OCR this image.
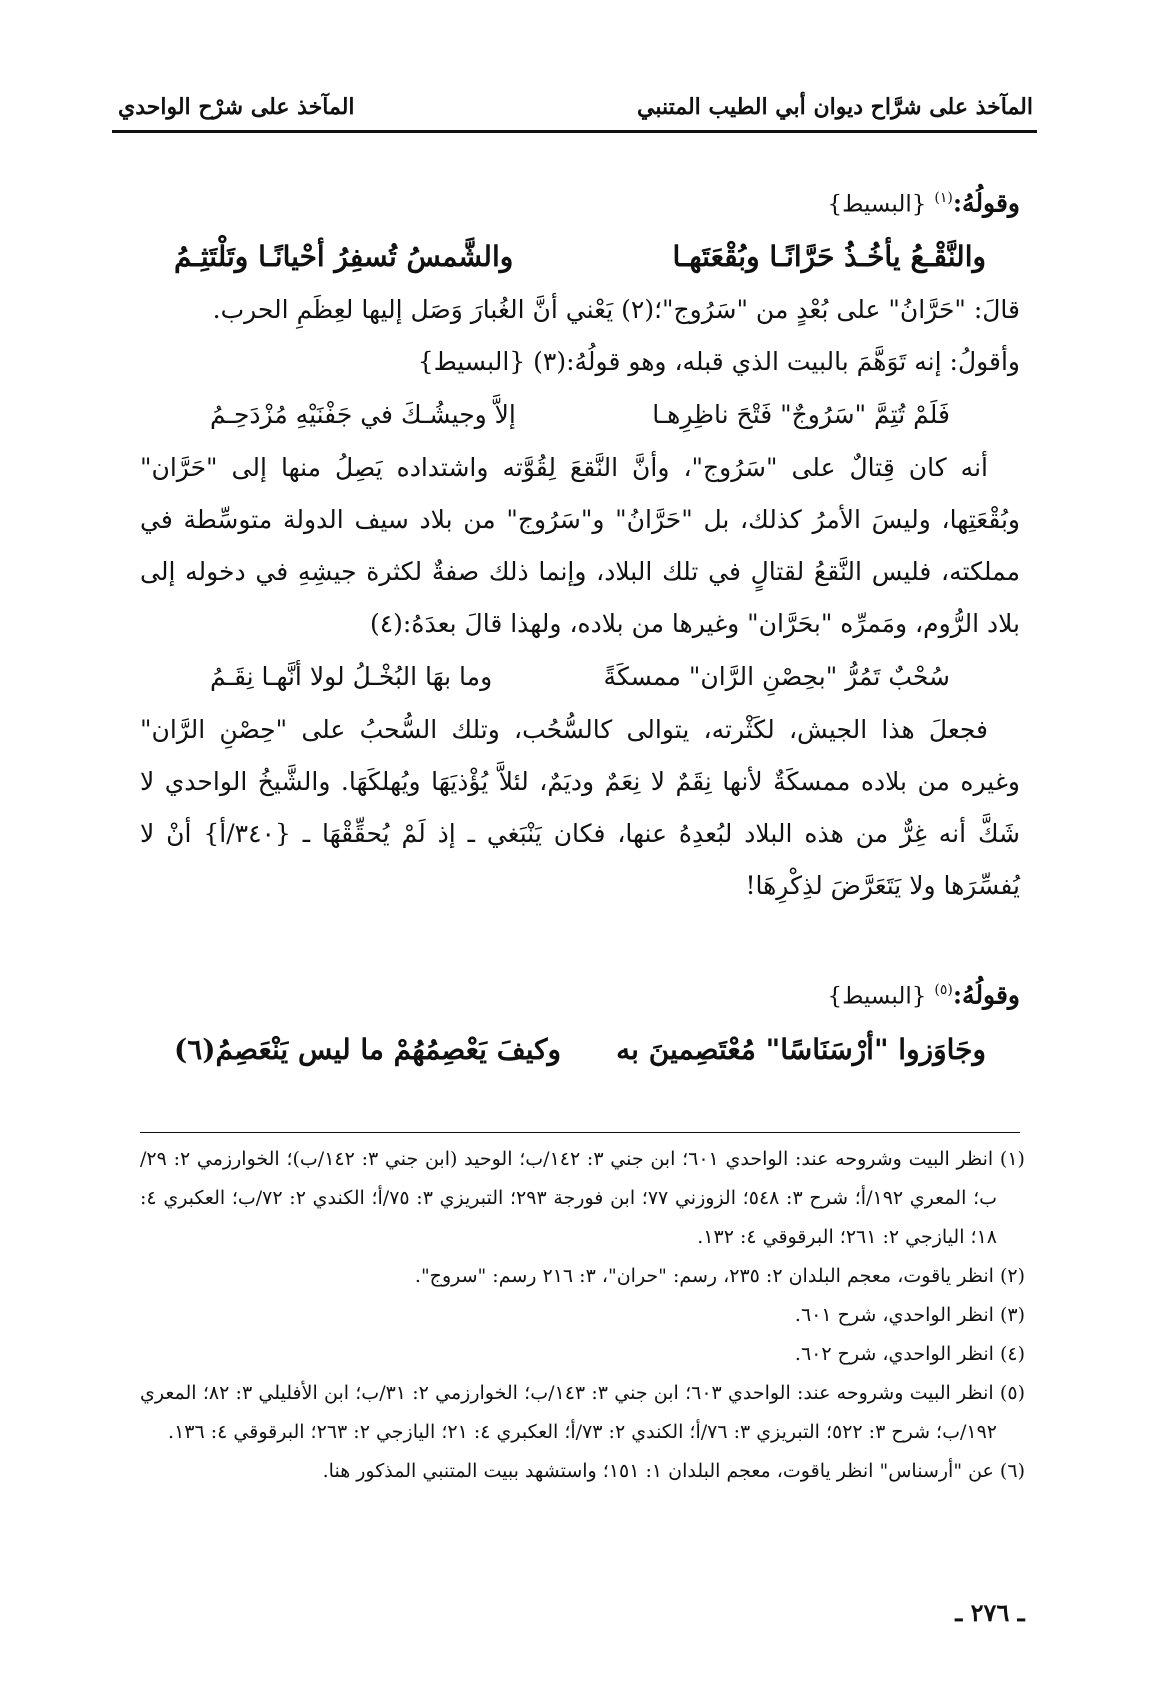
المآخذ على شرَّاح ديوان أبي الطيب المتنبي
المآخذ على شرْح الواحدي

وقولُهُ:$^{(١)}$ {البسيط}

والنَّقْـعُ يأخُـذُ حَرَّانًـا وبُقْعَتَهـا
والشَّمسُ تُسفِرُ أحْيانًـا وتَلْتَثِـمُ

قالَ: "حَرَّانُ" على بُعْدٍ من "سَرُوج"؛(٢) يَعْني أنَّ الغُبارَ وَصَل إليها لعِظَمِ الحرب.

وأقولُ: إنه تَوَهَّمَ بالبيت الذي قبله، وهو قولُهُ:(٣) {البسيط}

فَلَمْ تُتِمَّ "سَرُوجٌ" فَتْحَ ناظِرِهـا
إلاَّ وجيشُـكَ في جَفْنَيْهِ مُزْدَحِـمُ

أنه كان قِتالٌ على "سَرُوج"، وأنَّ النَّقعَ لِقُوَّته واشتداده يَصِلُ منها إلى "حَرَّان" وبُقْعَتِها، وليسَ الأمرُ كذلك، بل "حَرَّانُ" و"سَرُوج" من بلاد سيف الدولة متوسِّطة في مملكته، فليس النَّقعُ لقتالٍ في تلك البلاد، وإنما ذلك صفةٌ لكثرة جيشِهِ في دخوله إلى بلاد الرُّوم، ومَمرِّه "بحَرَّان" وغيرها من بلاده، ولهذا قالَ بعدَهُ:(٤)

سُحْبٌ تَمُرُّ "بحِصْنِ الرَّان" ممسكَةً
وما بهَا البُخْـلُ لولا أنَّهـا نِقَـمُ

فجعلَ هذا الجيش، لكَثْرته، يتوالى كالسُّحُب، وتلك السُّحبُ على "حِصْنِ الرَّان" وغيره من بلاده ممسكَةٌ لأنها نِقَمٌ لا نِعَمٌ وديَمٌ، لئلاَّ يُؤْذيَهَا ويُهلكَهَا. والشَّيخُ الواحدي لا شَكَّ أنه غِرٌّ من هذه البلاد لبُعدِهُ عنها، فكان يَنْبَغي ـ إذ لَمْ يُحقِّقْهَا ـ {٣٤٠/أ} أنْ لا يُفسِّرَها ولا يَتَعَرَّضَ لذِكْرِهَا!

وقولُهُ:$^{(٥)}$ {البسيط}

وجَاوَزوا "أرْسَنَاسًا" مُعْتَصِمينَ به
وكيفَ يَعْصِمُهُمْ ما ليس يَنْعَصِمُ(٦)

(١) انظر البيت وشروحه عند: الواحدي ٦٠١؛ ابن جني ٣: ١٤٢/ب؛ الوحيد (ابن جني ٣: ١٤٢/ب)؛ الخوارزمي ٢: ٢٩/ب؛ المعري ١٩٢/أ؛ شرح ٣: ٥٤٨؛ الزوزني ٧٧؛ ابن فورجة ٢٩٣؛ التبريزي ٣: ٧٥/أ؛ الكندي ٢: ٧٢/ب؛ العكبري ٤: ١٨؛ اليازجي ٢: ٢٦١؛ البرقوقي ٤: ١٣٢.

(٢) انظر ياقوت، معجم البلدان ٢: ٢٣٥، رسم: "حران"، ٣: ٢١٦ رسم: "سروج".

(٣) انظر الواحدي، شرح ٦٠١.

(٤) انظر الواحدي، شرح ٦٠٢.

(٥) انظر البيت وشروحه عند: الواحدي ٦٠٣؛ ابن جني ٣: ١٤٣/ب؛ الخوارزمي ٢: ٣١/ب؛ ابن الأفليلي ٣: ٨٢؛ المعري ١٩٢/ب؛ شرح ٣: ٥٢٢؛ التبريزي ٣: ٧٦/أ؛ الكندي ٢: ٧٣/أ؛ العكبري ٤: ٢١؛ اليازجي ٢: ٢٦٣؛ البرقوقي ٤: ١٣٦.

(٦) عن "أرسناس" انظر ياقوت، معجم البلدان ١: ١٥١؛ واستشهد ببيت المتنبي المذكور هنا.

ـ ٢٧٦ ـ
